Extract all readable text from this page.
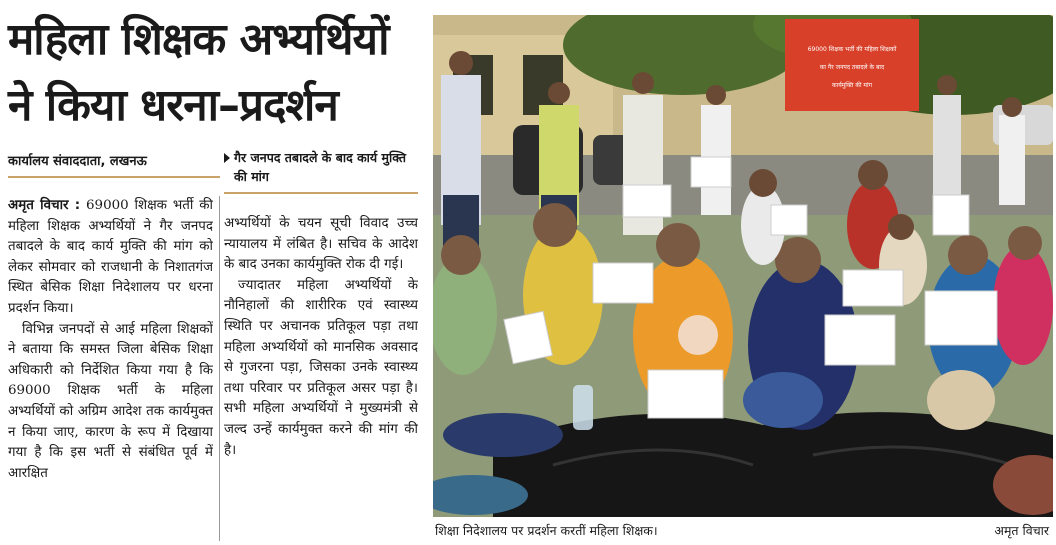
महिला शिक्षक अभ्यर्थियों
ने किया धरना–प्रदर्शन
कार्यालय संवाददाता, लखनऊ	गैर जनपद तबादले के बाद कार्य मुक्ति की मांग

अमृत विचार : 69000 शिक्षक भर्ती की महिला शिक्षक अभ्यर्थियों ने गैर जनपद तबादले के बाद कार्य मुक्ति की मांग को लेकर सोमवार को राजधानी के निशातगंज स्थित बेसिक शिक्षा निदेशालय पर धरना प्रदर्शन किया।

विभिन्न जनपदों से आई महिला शिक्षकों ने बताया कि समस्त जिला बेसिक शिक्षा अधिकारी को निर्देशित किया गया है कि 69000 शिक्षक भर्ती के महिला अभ्यर्थियों को अग्रिम आदेश तक कार्यमुक्त न किया जाए, कारण के रूप में दिखाया गया है कि इस भर्ती से संबंधित पूर्व में आरक्षित

अभ्यर्थियों के चयन सूची विवाद उच्च न्यायालय में लंबित है। सचिव के आदेश के बाद उनका कार्यमुक्ति रोक दी गई।

ज्यादातर महिला अभ्यर्थियों के नौनिहालों की शारीरिक एवं स्वास्थ्य स्थिति पर अचानक प्रतिकूल पड़ा तथा महिला अभ्यर्थियों को मानसिक अवसाद से गुजरना पड़ा, जिसका उनके स्वास्थ्य तथा परिवार पर प्रतिकूल असर पड़ा है। सभी महिला अभ्यर्थियों ने मुख्यमंत्री से जल्द उन्हें कार्यमुक्त करने की मांग की है।

69000 शिक्षक भर्ती की महिला शिक्षकों
का गैर जनपद तबादले के बाद
कार्यमुक्ति की मांग
शिक्षा निदेशालय पर प्रदर्शन करतीं महिला शिक्षक।	अमृत विचार
